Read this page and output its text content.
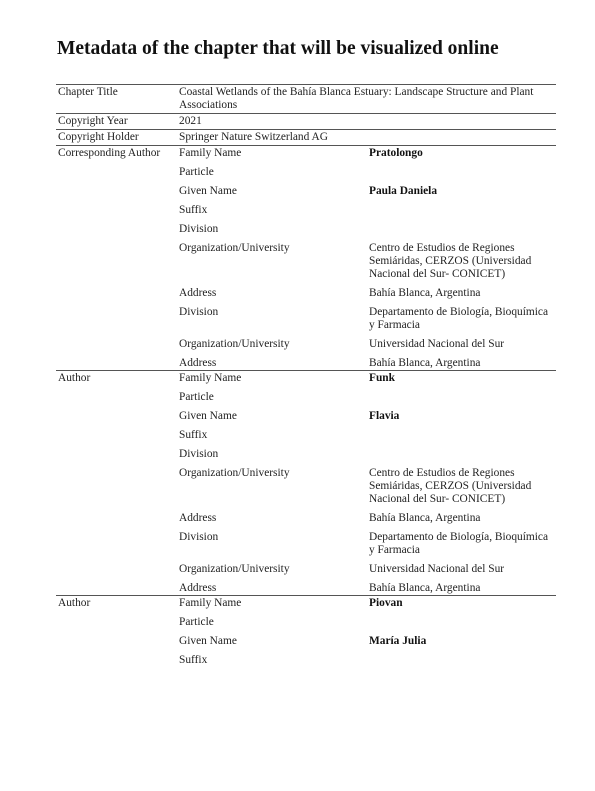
Metadata of the chapter that will be visualized online
Chapter Title	Coastal Wetlands of the Bahía Blanca Estuary: Landscape Structure and Plant Associations	
Copyright Year	2021	
Copyright Holder	Springer Nature Switzerland AG	
Corresponding Author	Family Name	Pratolongo
	Particle	
	Given Name	Paula Daniela
	Suffix	
	Division	
	Organization/University	Centro de Estudios de Regiones Semiáridas, CERZOS (Universidad Nacional del Sur- CONICET)
	Address	Bahía Blanca, Argentina
	Division	Departamento de Biología, Bioquímica y Farmacia
	Organization/University	Universidad Nacional del Sur
	Address	Bahía Blanca, Argentina
Author	Family Name	Funk
	Particle	
	Given Name	Flavia
	Suffix	
	Division	
	Organization/University	Centro de Estudios de Regiones Semiáridas, CERZOS (Universidad Nacional del Sur- CONICET)
	Address	Bahía Blanca, Argentina
	Division	Departamento de Biología, Bioquímica y Farmacia
	Organization/University	Universidad Nacional del Sur
	Address	Bahía Blanca, Argentina
Author	Family Name	Piovan
	Particle	
	Given Name	María Julia
	Suffix	
